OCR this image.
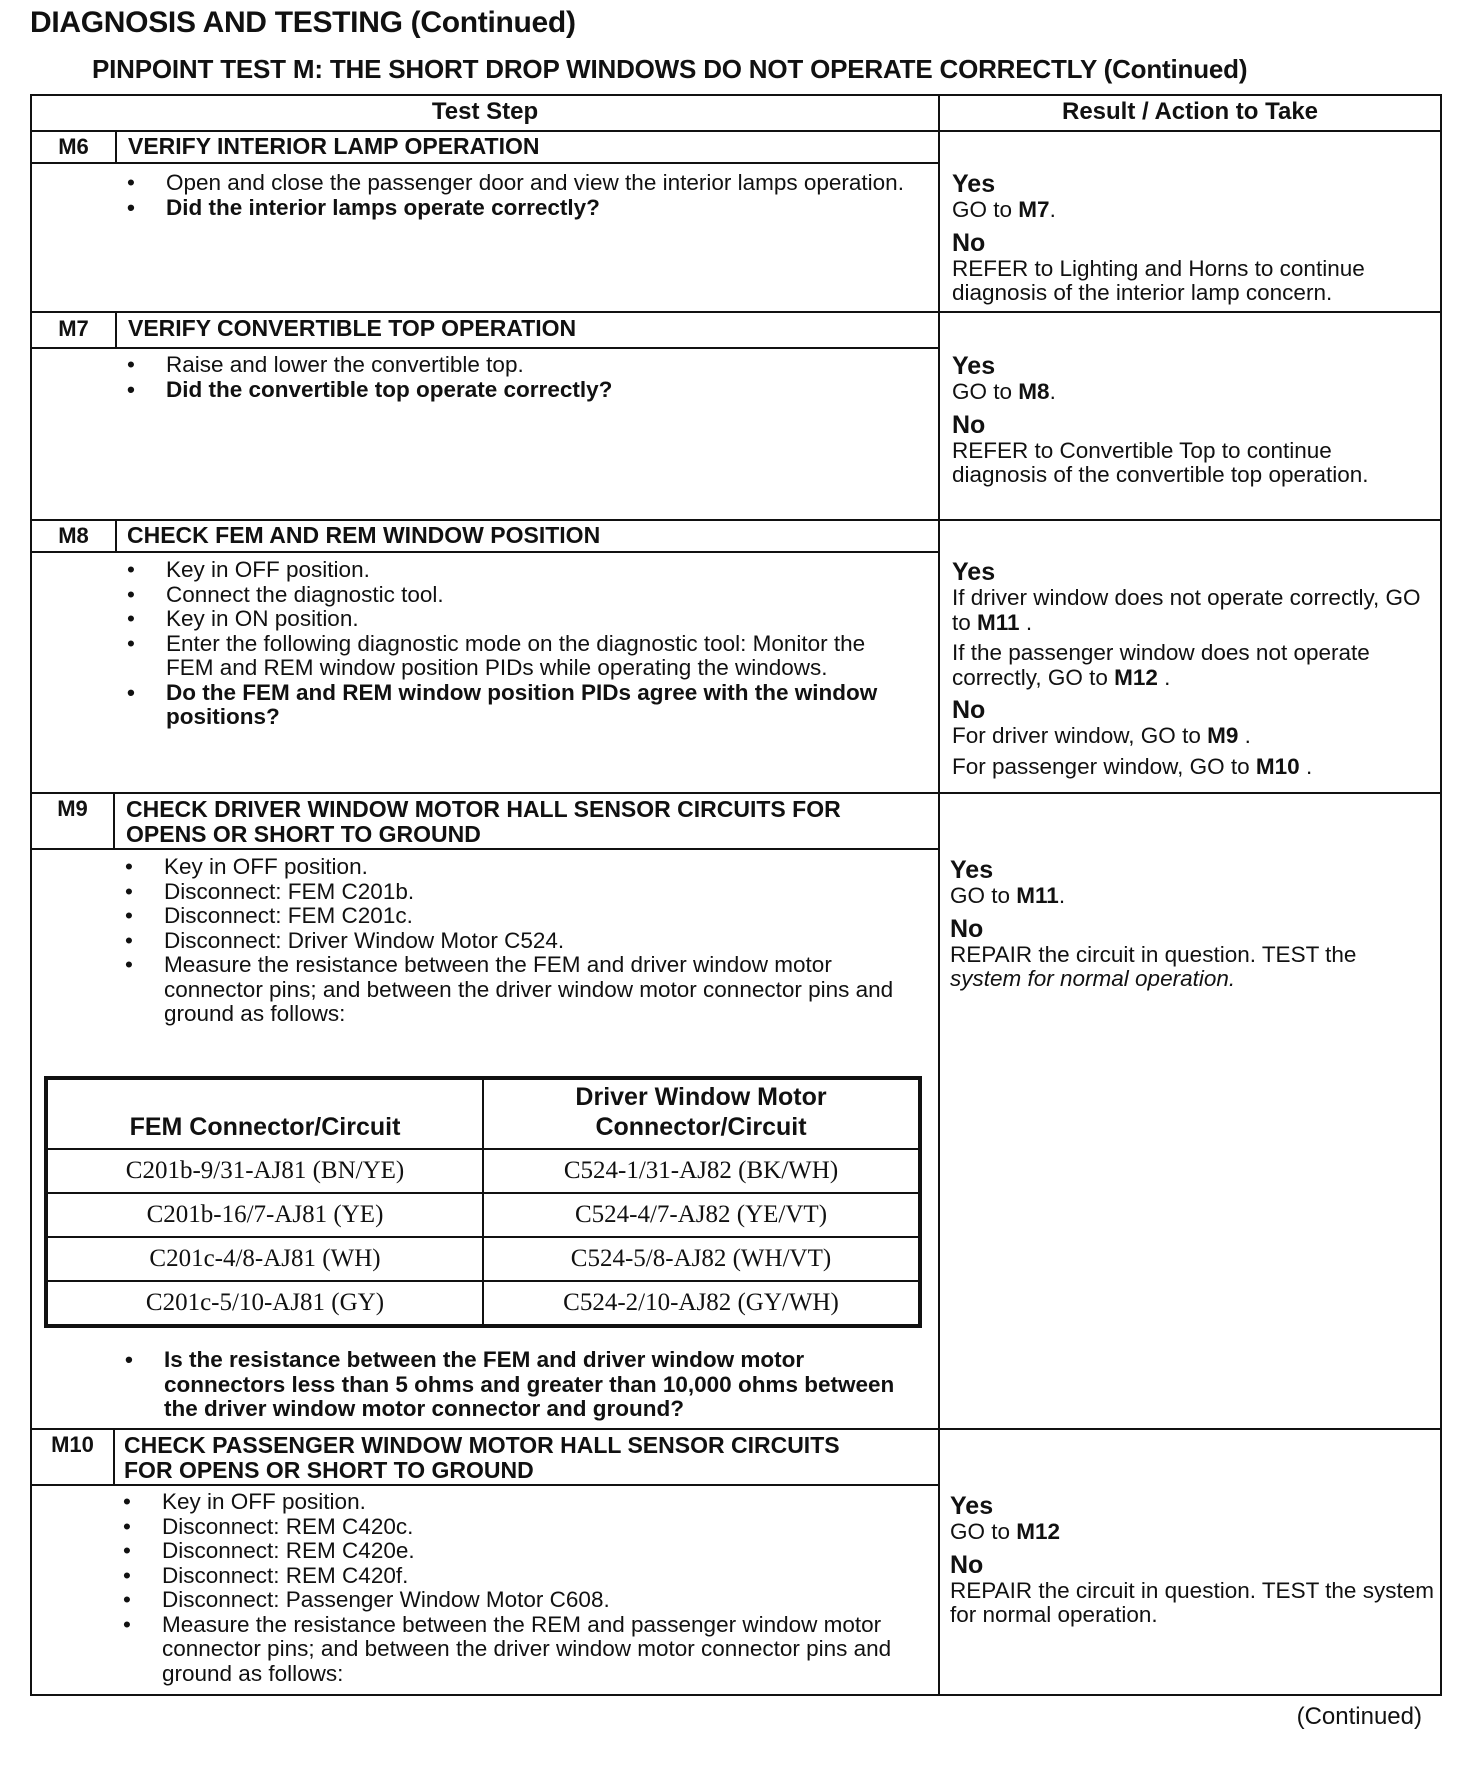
DIAGNOSIS AND TESTING (Continued)
PINPOINT TEST M: THE SHORT DROP WINDOWS DO NOT OPERATE CORRECTLY (Continued)
Test Step	Result / Action to Take
M6	VERIFY INTERIOR LAMP OPERATION
• Open and close the passenger door and view the interior lamps operation.
• Did the interior lamps operate correctly?
Yes

GO to M7.

No

REFER to Lighting and Horns to continue diagnosis of the interior lamp concern.

M7	VERIFY CONVERTIBLE TOP OPERATION
• Raise and lower the convertible top.
• Did the convertible top operate correctly?
Yes

GO to M8.

No

REFER to Convertible Top to continue diagnosis of the convertible top operation.

M8	CHECK FEM AND REM WINDOW POSITION
• Key in OFF position.
• Connect the diagnostic tool.
• Key in ON position.
• Enter the following diagnostic mode on the diagnostic tool: Monitor the FEM and REM window position PIDs while operating the windows.
• Do the FEM and REM window position PIDs agree with the window positions?
Yes

If driver window does not operate correctly, GO to M11 .

If the passenger window does not operate correctly, GO to M12 .

No

For driver window, GO to M9 .

For passenger window, GO to M10 .

M9	CHECK DRIVER WINDOW MOTOR HALL SENSOR CIRCUITS FOR OPENS OR SHORT TO GROUND
• Key in OFF position.
• Disconnect: FEM C201b.
• Disconnect: FEM C201c.
• Disconnect: Driver Window Motor C524.
• Measure the resistance between the FEM and driver window motor connector pins; and between the driver window motor connector pins and ground as follows:
FEM Connector/Circuit	Driver Window Motor Connector/Circuit
C201b-9/31-AJ81 (BN/YE)	C524-1/31-AJ82 (BK/WH)
C201b-16/7-AJ81 (YE)	C524-4/7-AJ82 (YE/VT)
C201c-4/8-AJ81 (WH)	C524-5/8-AJ82 (WH/VT)
C201c-5/10-AJ81 (GY)	C524-2/10-AJ82 (GY/WH)
• Is the resistance between the FEM and driver window motor connectors less than 5 ohms and greater than 10,000 ohms between the driver window motor connector and ground?
Yes

GO to M11.

No

REPAIR the circuit in question. TEST the
system for normal operation.

M10	CHECK PASSENGER WINDOW MOTOR HALL SENSOR CIRCUITS FOR OPENS OR SHORT TO GROUND
• Key in OFF position.
• Disconnect: REM C420c.
• Disconnect: REM C420e.
• Disconnect: REM C420f.
• Disconnect: Passenger Window Motor C608.
• Measure the resistance between the REM and passenger window motor connector pins; and between the driver window motor connector pins and ground as follows:
Yes

GO to M12

No

REPAIR the circuit in question. TEST the system for normal operation.

(Continued)
